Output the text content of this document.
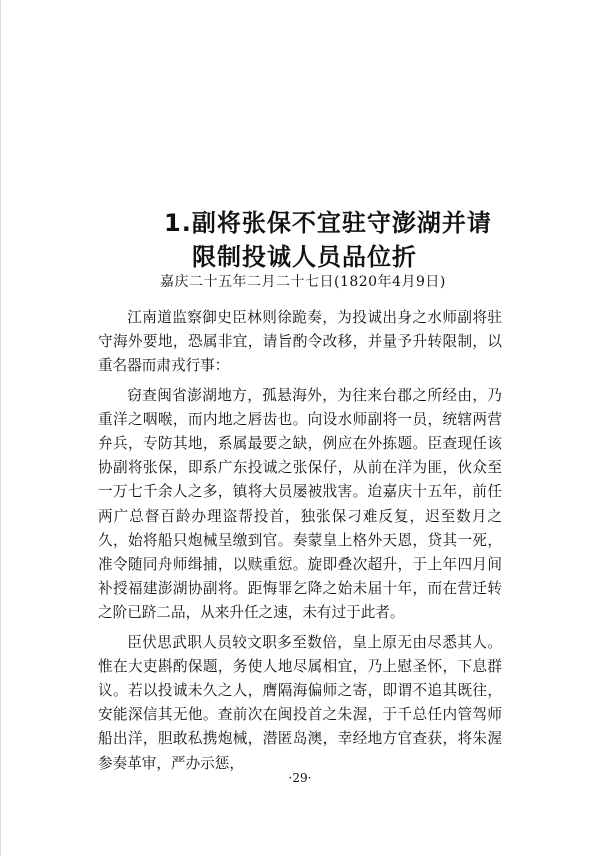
1.副将张保不宜驻守澎湖并请
限制投诚人员品位折
嘉庆二十五年二月二十七日(1820年4月9日)

江南道监察御史臣林则徐跪奏，为投诚出身之水师副将驻守海外要地，恐属非宜，请旨酌令改移，并量予升转限制，以重名器而肃戎行事：

窃查闽省澎湖地方，孤悬海外，为往来台郡之所经由，乃重洋之咽喉，而内地之唇齿也。向设水师副将一员，统辖两营弁兵，专防其地，系属最要之缺，例应在外拣题。臣查现任该协副将张保，即系广东投诚之张保仔，从前在洋为匪，伙众至一万七千余人之多，镇将大员屡被戕害。迨嘉庆十五年，前任两广总督百龄办理盗帮投首，独张保刁难反复，迟至数月之久，始将船只炮械呈缴到官。奏蒙皇上格外天恩，贷其一死，准令随同舟师缉捕，以赎重愆。旋即叠次超升，于上年四月间补授福建澎湖协副将。距悔罪乞降之始未届十年，而在营迁转之阶已跻二品，从来升任之速，未有过于此者。

臣伏思武职人员较文职多至数倍，皇上原无由尽悉其人。惟在大吏斟酌保题，务使人地尽属相宜，乃上慰圣怀，下息群议。若以投诚未久之人，膺隔海偏师之寄，即谓不追其既往，安能深信其无他。查前次在闽投首之朱渥，于千总任内管驾师船出洋，胆敢私携炮械，潜匿岛澳，幸经地方官查获，将朱渥参奏革审，严办示惩，

·29·
